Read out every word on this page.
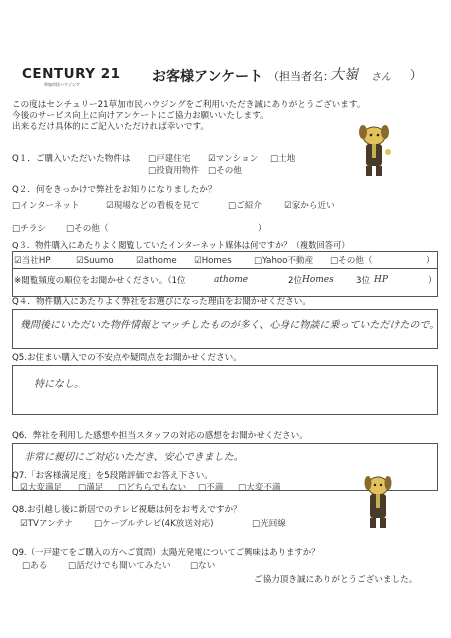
CENTURY 21
草加市民ハウジング	お客様アンケート （担当者名：
大嶺 さん ）
この度はセンチュリー21草加市民ハウジングをご利用いただき誠にありがとうございます。
今後のサービス向上に向けアンケートにご協力お願いいたします。
出来るだけ具体的にご記入いただければ幸いです。
Q１．ご購入いただいた物件は □戸建住宅 ☑マンション □土地
□投資用物件 □その他
Q２．何をきっかけで弊社をお知りになりましたか？
□インターネット	☑現場などの看板を見て	□ご紹介	☑家から近い
□チラシ □その他（	）
Q３．物件購入にあたりよく閲覧していたインターネット媒体は何ですか？（複数回答可）
☑当社HP	☑Suumo	☑athome ☑Homes	□Yahoo不動産 □その他（	）
※閲覧頻度の順位をお聞かせください。（1位	athome	2位 Homes	3位 HP	）
Q４．物件購入にあたりよく弊社をお選びになった理由をお聞かせください。
幾問後にいただいた物件情報とマッチしたものが多く、心身に物談に乗っていただけたので。
Q5.お住まい購入での不安点や疑問点をお聞かせください。
特になし。
Q6．弊社を利用した感想や担当スタッフの対応の感想をお聞かせください。
非常に親切にご対応いただき、安心できました。
Q7.「お客様満足度」を5段階評価でお答え下さい。
☑大変満足 □満足 □どちらでもない □不満 □大変不満
Q8.お引越し後に新居でのテレビ視聴は何をお考えですか？
☑TVアンテナ □ケーブルテレビ(4K放送対応)	□光回線
Q9.（一戸建てをご購入の方へご質問）太陽光発電についてご興味はありますか？
□ある □話だけでも聞いてみたい □ない
ご協力頂き誠にありがとうございました。
